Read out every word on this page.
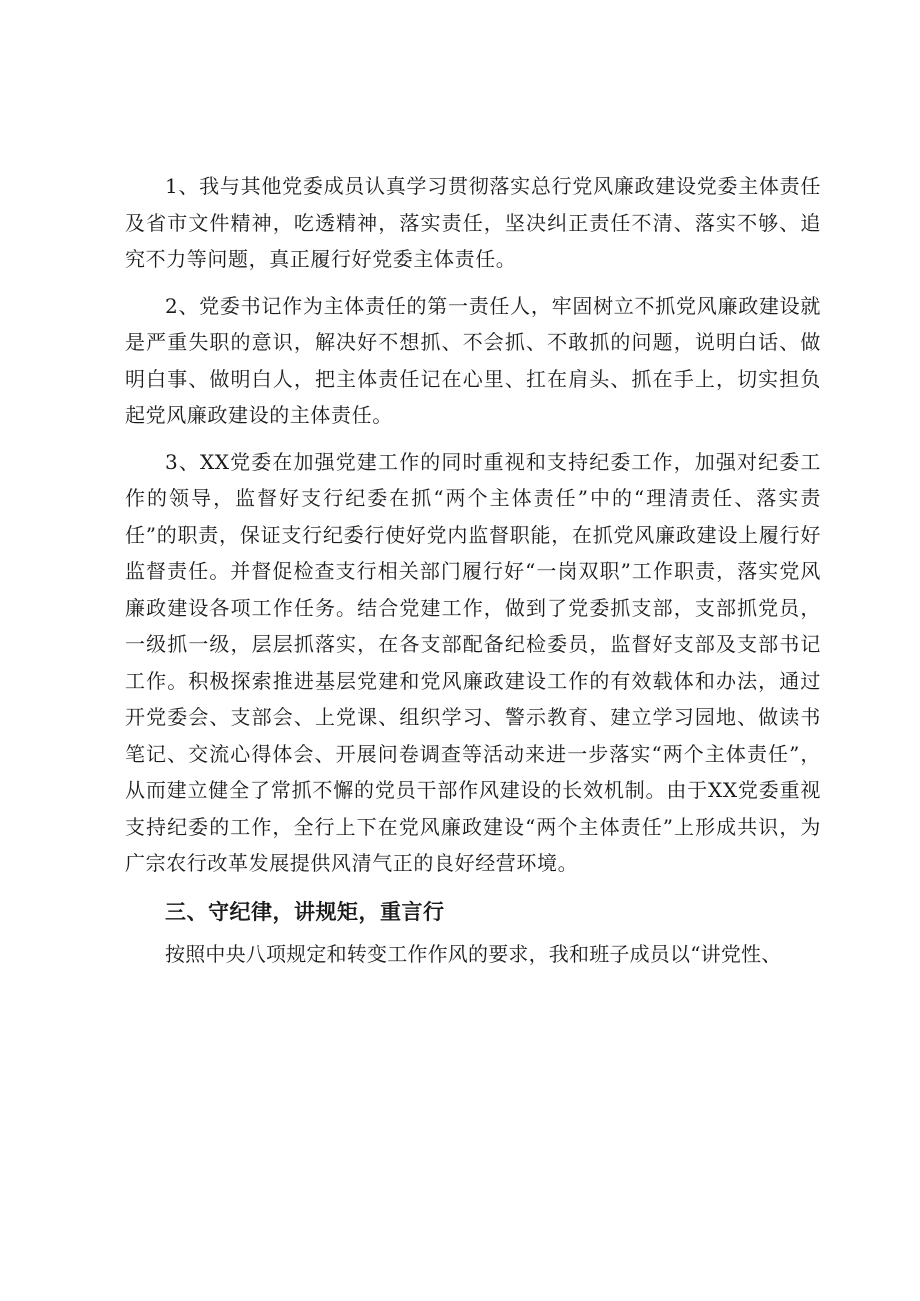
1、我与其他党委成员认真学习贯彻落实总行党风廉政建设党委主体责任及省市文件精神，吃透精神，落实责任，坚决纠正责任不清、落实不够、追究不力等问题，真正履行好党委主体责任。

2、党委书记作为主体责任的第一责任人，牢固树立不抓党风廉政建设就是严重失职的意识，解决好不想抓、不会抓、不敢抓的问题，说明白话、做明白事、做明白人，把主体责任记在心里、扛在肩头、抓在手上，切实担负起党风廉政建设的主体责任。

3、XX党委在加强党建工作的同时重视和支持纪委工作，加强对纪委工作的领导，监督好支行纪委在抓“两个主体责任”中的“理清责任、落实责任”的职责，保证支行纪委行使好党内监督职能，在抓党风廉政建设上履行好监督责任。并督促检查支行相关部门履行好“一岗双职”工作职责，落实党风廉政建设各项工作任务。结合党建工作，做到了党委抓支部，支部抓党员，一级抓一级，层层抓落实，在各支部配备纪检委员，监督好支部及支部书记工作。积极探索推进基层党建和党风廉政建设工作的有效载体和办法，通过开党委会、支部会、上党课、组织学习、警示教育、建立学习园地、做读书笔记、交流心得体会、开展问卷调查等活动来进一步落实“两个主体责任”，从而建立健全了常抓不懈的党员干部作风建设的长效机制。由于XX党委重视支持纪委的工作，全行上下在党风廉政建设“两个主体责任”上形成共识，为广宗农行改革发展提供风清气正的良好经营环境。

三、守纪律，讲规矩，重言行

按照中央八项规定和转变工作作风的要求，我和班子成员以“讲党性、
